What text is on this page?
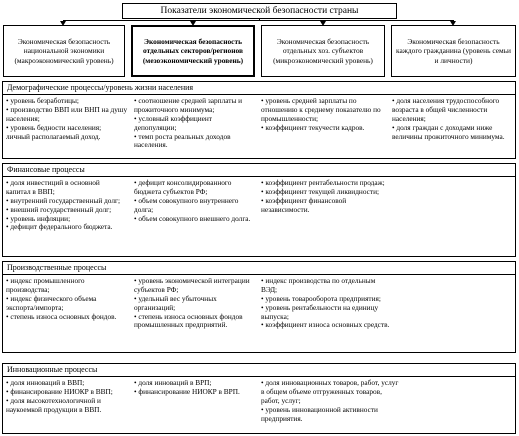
Показатели экономической безопасности страны
Экономическая безопасность национальной экономики (макроэкономический уровень)
Экономическая безопасность отдельных секторов/регионов (мезоэкономический уровень)
Экономическая безопасность отдельных хоз. субъектов (микроэкономический уровень)
Экономическая безопасность каждого гражданина (уровень семьи и личности)
Демографические процессы/уровень жизни населения
• уровень безработицы;
• производство ВВП или ВНП на душу населения;
• уровень бедности населения;
личный располагаемый доход.
• соотношение средней зарплаты и прожиточного минимума;
• условный коэффициент депопуляции;
• темп роста реальных доходов населения.
• уровень средней зарплаты по отношению к среднему показателю по промышленности;
• коэффициент текучести кадров.
• доля населения трудоспособного возраста в общей численности населения;
• доля граждан с доходами ниже величины прожиточного минимума.
Финансовые процессы
• доля инвестиций в основной капитал в ВВП;
• внутренний государственный долг;
• внешний государственный долг;
• уровень инфляции;
• дефицит федерального бюджета.
• дефицит консолидированного бюджета субъектов РФ;
• объем совокупного внутреннего долга;
• объем совокупного внешнего долга.
• коэффициент рентабельности продаж;
• коэффициент текущей ликвидности;
• коэффициент финансовой независимости.
Производственные процессы
• индекс промышленного производства;
• индекс физического объема экспорта/импорта;
• степень износа основных фондов.
• уровень экономической интеграции субъектов РФ;
• удельный вес убыточных организаций;
• степень износа основных фондов промышленных предприятий.
• индекс производства по отдельным ВЭД;
• уровень товарооборота предприятия;
• уровень рентабельности на единицу выпуска;
• коэффициент износа основных средств.
Инновационные процессы
• доля инноваций в ВВП;
• финансирование НИОКР в ВВП;
• доля высокотехнологичной и наукоемкой продукции в ВВП.
• доля инноваций в ВРП;
• финансирование НИОКР в ВРП.
• доля инновационных товаров, работ, услуг в общем объеме отгруженных товаров, работ, услуг;
• уровень инновационной активности предприятия.
